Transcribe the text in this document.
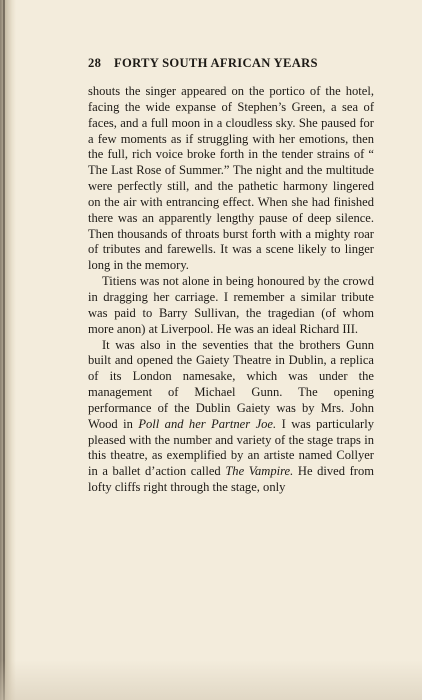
28	FORTY SOUTH AFRICAN YEARS

shouts the singer appeared on the portico of the hotel, facing the wide expanse of Stephen’s Green, a sea of faces, and a full moon in a cloudless sky. She paused for a few moments as if struggling with her emotions, then the full, rich voice broke forth in the tender strains of “ The Last Rose of Summer.” The night and the multitude were perfectly still, and the pathetic harmony lingered on the air with entrancing effect. When she had finished there was an apparently lengthy pause of deep silence. Then thousands of throats burst forth with a mighty roar of tributes and farewells. It was a scene likely to linger long in the memory.

Titiens was not alone in being honoured by the crowd in dragging her carriage. I remember a similar tribute was paid to Barry Sullivan, the tragedian (of whom more anon) at Liverpool. He was an ideal Richard III.

It was also in the seventies that the brothers Gunn built and opened the Gaiety Theatre in Dublin, a replica of its London namesake, which was under the management of Michael Gunn. The opening performance of the Dublin Gaiety was by Mrs. John Wood in Poll and her Partner Joe. I was particularly pleased with the number and variety of the stage traps in this theatre, as exemplified by an artiste named Collyer in a ballet d’action called The Vampire. He dived from lofty cliffs right through the stage, only
